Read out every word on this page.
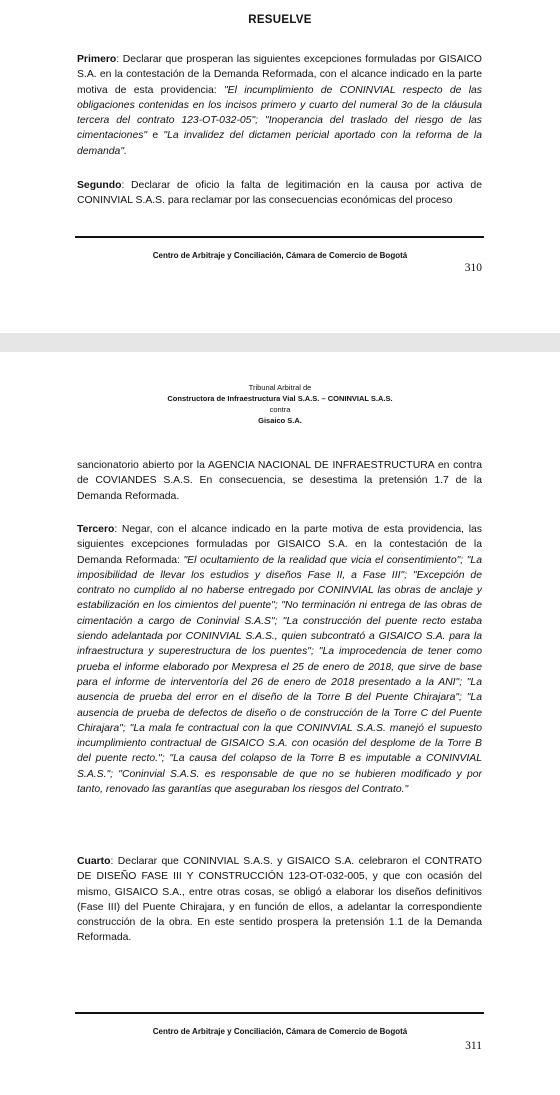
RESUELVE

Primero: Declarar que prosperan las siguientes excepciones formuladas por GISAICO S.A. en la contestación de la Demanda Reformada, con el alcance indicado en la parte motiva de esta providencia: "El incumplimiento de CONINVIAL respecto de las obligaciones contenidas en los incisos primero y cuarto del numeral 3o de la cláusula tercera del contrato 123-OT-032-05"; "Inoperancia del traslado del riesgo de las cimentaciones" e "La invalidez del dictamen pericial aportado con la reforma de la demanda".

Segundo: Declarar de oficio la falta de legitimación en la causa por activa de CONINVIAL S.A.S. para reclamar por las consecuencias económicas del proceso

Centro de Arbitraje y Conciliación, Cámara de Comercio de Bogotá
310
Tribunal Arbitral de
Constructora de Infraestructura Vial S.A.S. – CONINVIAL S.A.S.
contra
Gisaico S.A.

sancionatorio abierto por la AGENCIA NACIONAL DE INFRAESTRUCTURA en contra de COVIANDES S.A.S. En consecuencia, se desestima la pretensión 1.7 de la Demanda Reformada.

Tercero: Negar, con el alcance indicado en la parte motiva de esta providencia, las siguientes excepciones formuladas por GISAICO S.A. en la contestación de la Demanda Reformada: "El ocultamiento de la realidad que vicia el consentimiento"; "La imposibilidad de llevar los estudios y diseños Fase II, a Fase III"; "Excepción de contrato no cumplido al no haberse entregado por CONINVIAL las obras de anclaje y estabilización en los cimientos del puente"; "No terminación ni entrega de las obras de cimentación a cargo de Coninvial S.A.S"; "La construcción del puente recto estaba siendo adelantada por CONINVIAL S.A.S., quien subcontrató a GISAICO S.A. para la infraestructura y superestructura de los puentes"; "La improcedencia de tener como prueba el informe elaborado por Mexpresa el 25 de enero de 2018, que sirve de base para el informe de interventoría del 26 de enero de 2018 presentado a la ANI"; "La ausencia de prueba del error en el diseño de la Torre B del Puente Chirajara"; "La ausencia de prueba de defectos de diseño o de construcción de la Torre C del Puente Chirajara"; "La mala fe contractual con la que CONINVIAL S.A.S. manejó el supuesto incumplimiento contractual de GISAICO S.A. con ocasión del desplome de la Torre B del puente recto."; "La causa del colapso de la Torre B es imputable a CONINVIAL S.A.S."; "Coninvial S.A.S. es responsable de que no se hubieren modificado y por tanto, renovado las garantías que aseguraban los riesgos del Contrato."

Cuarto: Declarar que CONINVIAL S.A.S. y GISAICO S.A. celebraron el CONTRATO DE DISEÑO FASE III Y CONSTRUCCIÓN 123-OT-032-005, y que con ocasión del mismo, GISAICO S.A., entre otras cosas, se obligó a elaborar los diseños definitivos (Fase III) del Puente Chirajara, y en función de ellos, a adelantar la correspondiente construcción de la obra. En este sentido prospera la pretensión 1.1 de la Demanda Reformada.

Centro de Arbitraje y Conciliación, Cámara de Comercio de Bogotá
311
